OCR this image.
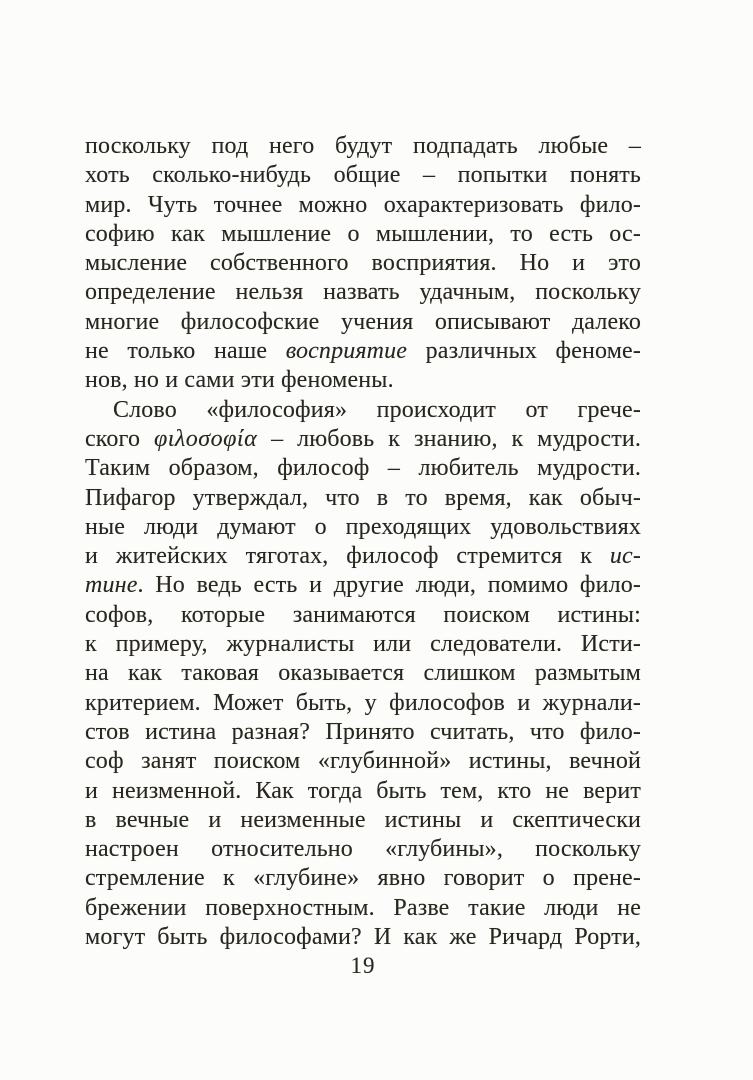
поскольку под него будут подпадать любые –
хоть сколько-нибудь общие – попытки понять
мир. Чуть точнее можно охарактеризовать фило-
софию как мышление о мышлении, то есть ос-
мысление собственного восприятия. Но и это
определение нельзя назвать удачным, поскольку
многие философские учения описывают далеко
не только наше восприятие различных феноме-
нов, но и сами эти феномены.
Слово «философия» происходит от грече-
ского φιλοσοφία – любовь к знанию, к мудрости.
Таким образом, философ – любитель мудрости.
Пифагор утверждал, что в то время, как обыч-
ные люди думают о преходящих удовольствиях
и житейских тяготах, философ стремится к ис-
тине. Но ведь есть и другие люди, помимо фило-
софов, которые занимаются поиском истины:
к примеру, журналисты или следователи. Исти-
на как таковая оказывается слишком размытым
критерием. Может быть, у философов и журнали-
стов истина разная? Принято считать, что фило-
соф занят поиском «глубинной» истины, вечной
и неизменной. Как тогда быть тем, кто не верит
в вечные и неизменные истины и скептически
настроен относительно «глубины», поскольку
стремление к «глубине» явно говорит о прене-
брежении поверхностным. Разве такие люди не
могут быть философами? И как же Ричард Рорти,
19
